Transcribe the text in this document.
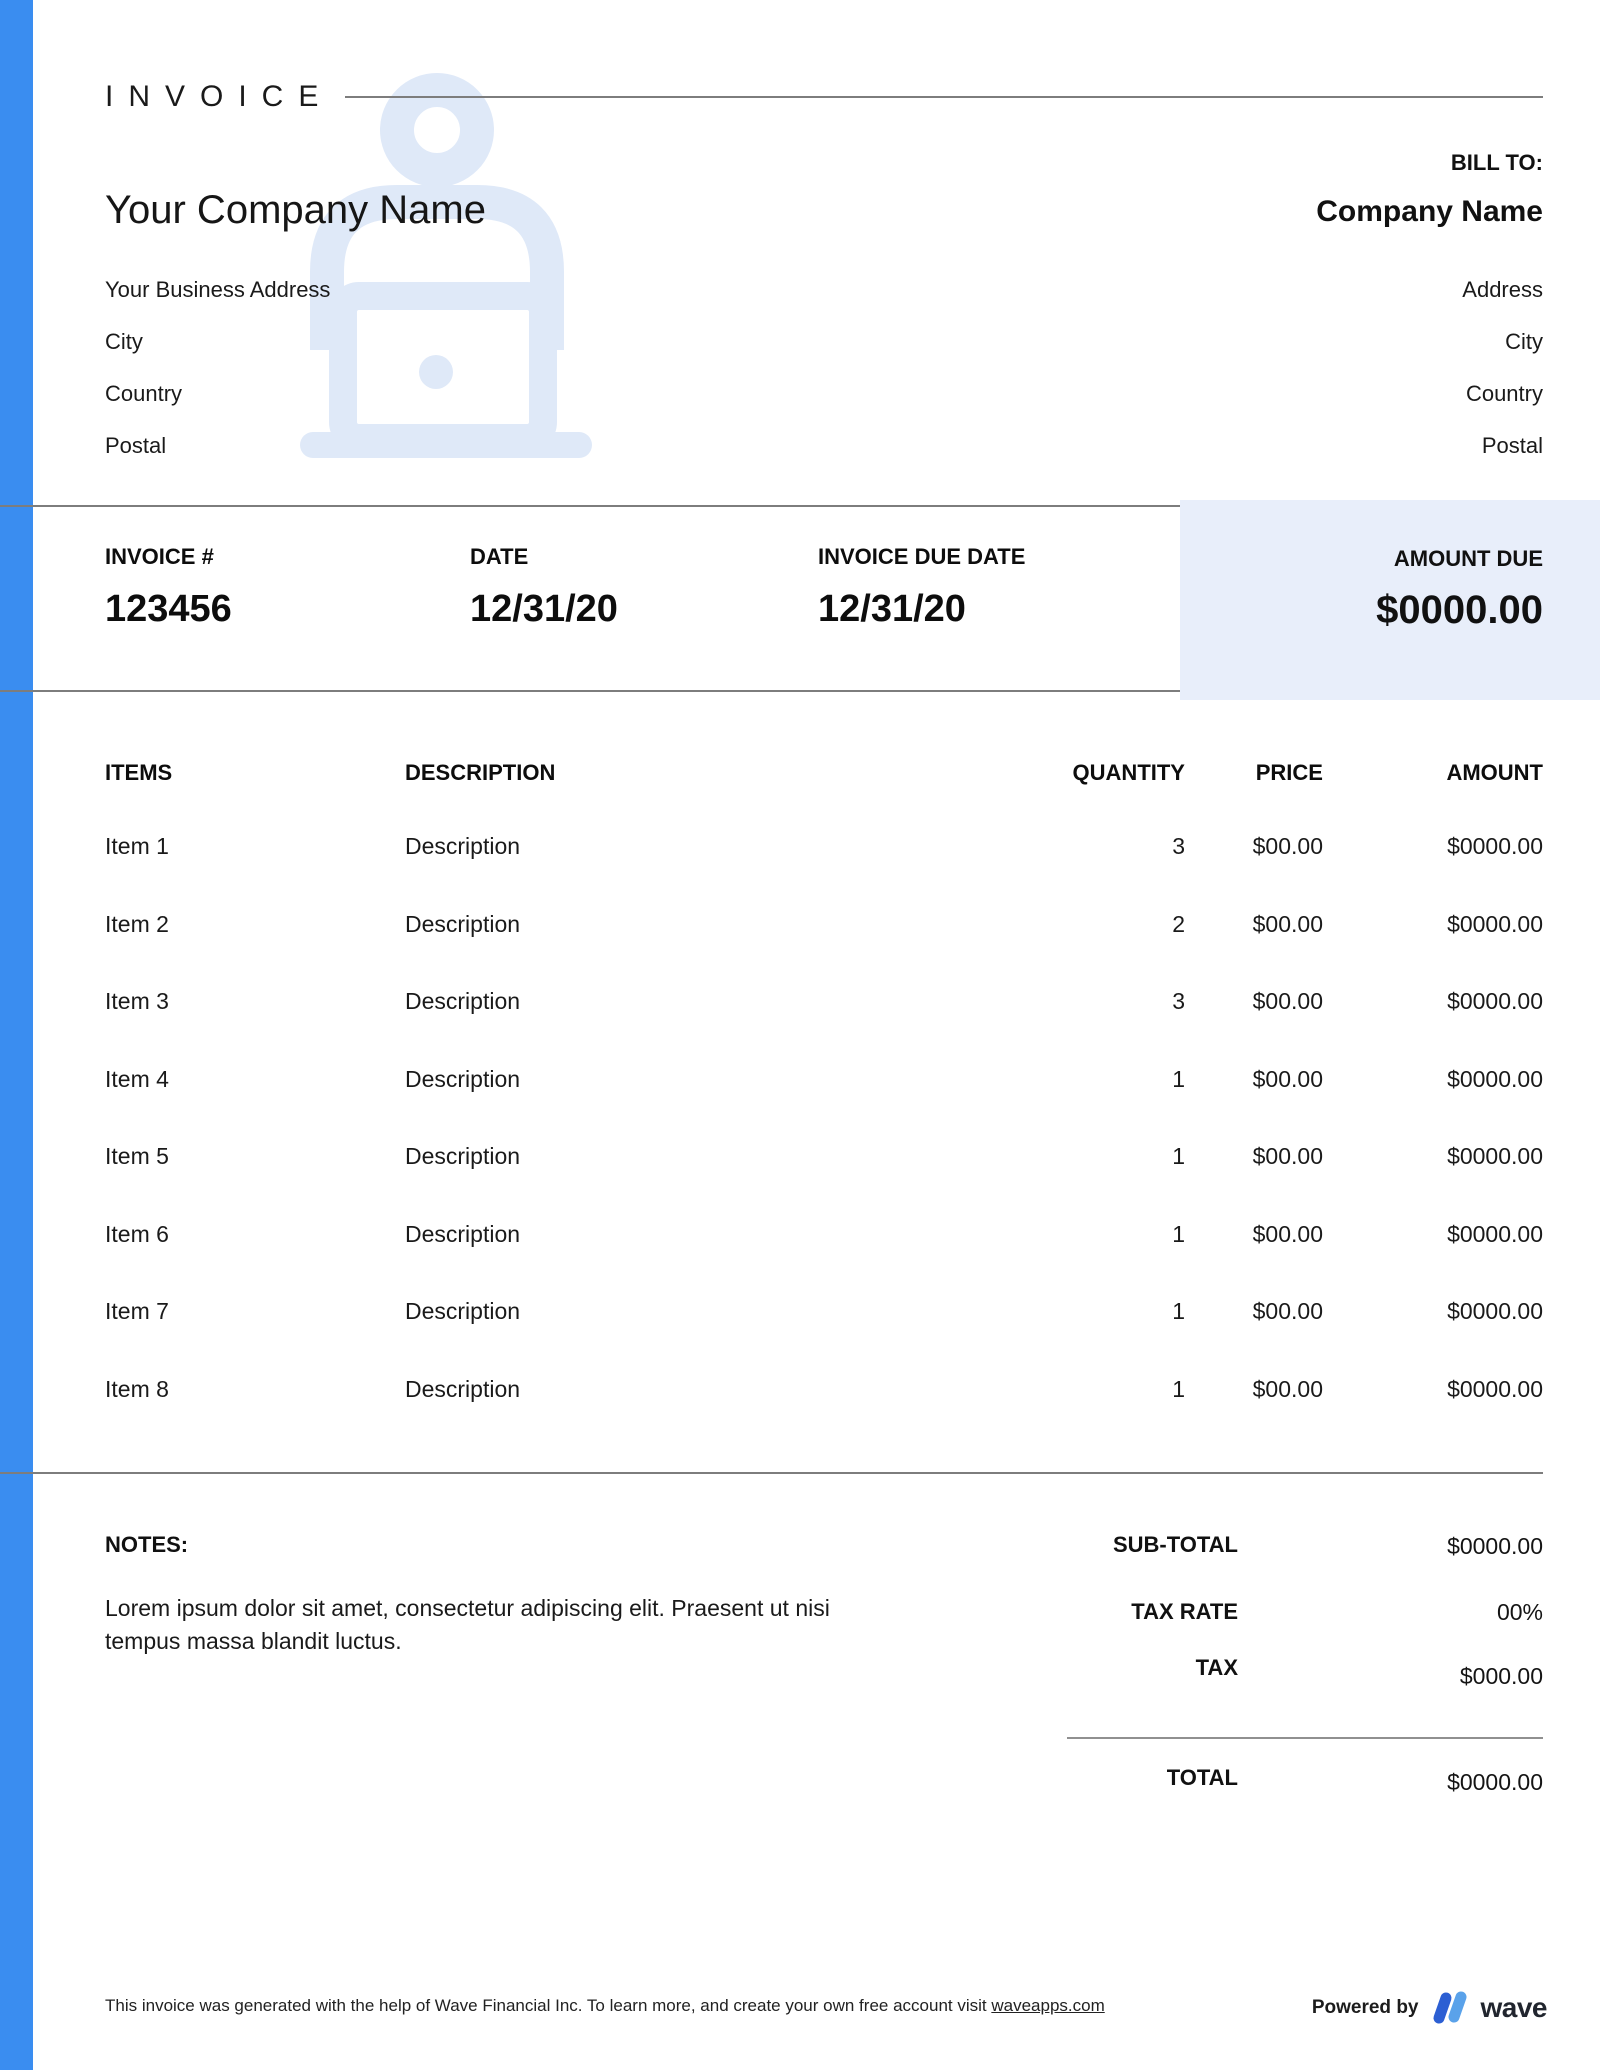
INVOICE
Your Company Name
Your Business Address
City
Country
Postal
BILL TO:
Company Name
Address
City
Country
Postal
INVOICE #
123456
DATE
12/31/20
INVOICE DUE DATE
12/31/20
AMOUNT DUE
$0000.00
ITEMS	DESCRIPTION	QUANTITY	PRICE	AMOUNT
Item 1	Description	3	$00.00	$0000.00
Item 2	Description	2	$00.00	$0000.00
Item 3	Description	3	$00.00	$0000.00
Item 4	Description	1	$00.00	$0000.00
Item 5	Description	1	$00.00	$0000.00
Item 6	Description	1	$00.00	$0000.00
Item 7	Description	1	$00.00	$0000.00
Item 8	Description	1	$00.00	$0000.00
NOTES:
Lorem ipsum dolor sit amet, consectetur adipiscing elit. Praesent ut nisi tempus massa blandit luctus.
SUB-TOTAL	$0000.00
TAX RATE	00%
TAX	$000.00
TOTAL	$0000.00
This invoice was generated with the help of Wave Financial Inc. To learn more, and create your own free account visit waveapps.com	Powered by wave
